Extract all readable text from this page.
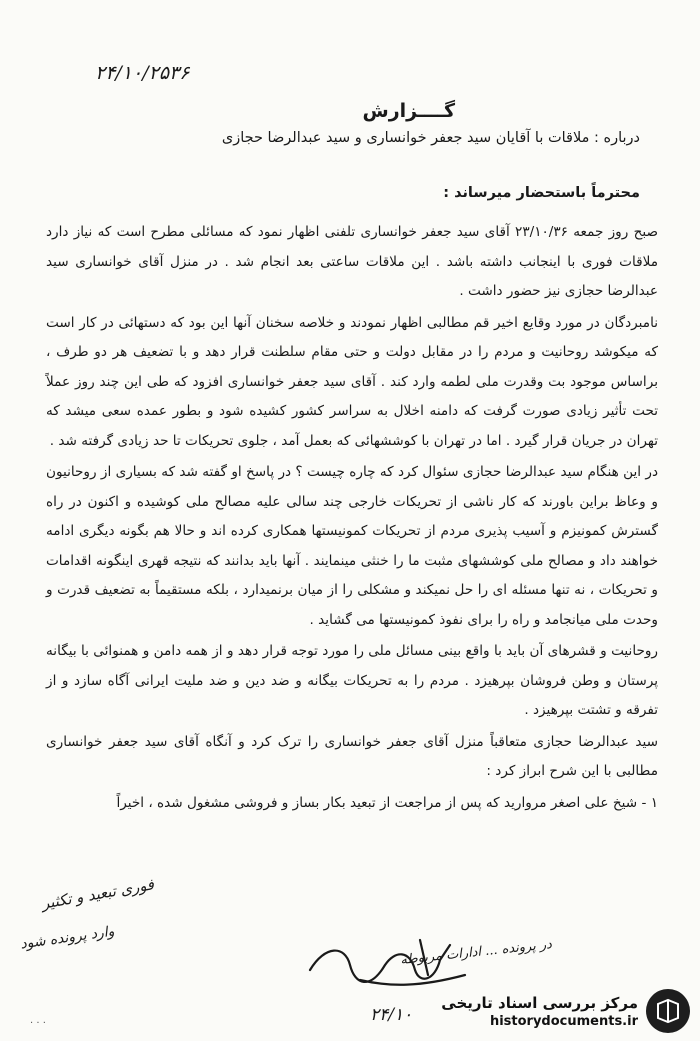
۲۴/۱۰/۲۵۳۶
گــــزارش
درباره : ملاقات با آقایان سید جعفر خوانساری و سید عبدالرضا حجازی
محترماً باستحضار میرساند :

صبح روز جمعه ۲۳/۱۰/۳۶ آقای سید جعفر خوانساری تلفنی اظهار نمود که مسائلی مطرح است که نیاز دارد ملاقات فوری با اینجانب داشته باشد . این ملاقات ساعتی بعد انجام شد . در منزل آقای خوانساری سید عبدالرضا حجازی نیز حضور داشت .

نامبردگان در مورد وقایع اخیر قم مطالبی اظهار نمودند و خلاصه سخنان آنها این بود که دستهائی در کار است که میکوشد روحانیت و مردم را در مقابل دولت و حتی مقام سلطنت قرار دهد و با تضعیف هر دو طرف ، براساس موجود بت وقدرت ملی لطمه وارد کند . آقای سید جعفر خوانساری افزود که طی این چند روز عملاً تحت تأثیر زیادی صورت گرفت که دامنه اخلال به سراسر کشور کشیده شود و بطور عمده سعی میشد که تهران در جریان قرار گیرد . اما در تهران با کوششهائی که بعمل آمد ، جلوی تحریکات تا حد زیادی گرفته شد .

در این هنگام سید عبدالرضا حجازی سئوال کرد که چاره چیست ؟ در پاسخ او گفته شد که بسیاری از روحانیون و وعاظ براین باورند که کار ناشی از تحریکات خارجی چند سالی علیه مصالح ملی کوشیده و اکنون در راه گسترش کمونیزم و آسیب پذیری مردم از تحریکات کمونیستها همکاری کرده اند و حالا هم بگونه دیگری ادامه خواهند داد و مصالح ملی کوششهای مثبت ما را خنثی مینمایند . آنها باید بدانند که نتیجه قهری اینگونه اقدامات و تحریکات ، نه تنها مسئله ای را حل نمیکند و مشکلی را از میان برنمیدارد ، بلکه مستقیماً به تضعیف قدرت و وحدت ملی میانجامد و راه را برای نفوذ کمونیستها می گشاید .

روحانیت و قشرهای آن باید با واقع بینی مسائل ملی را مورد توجه قرار دهد و از همه دامن و همنوائی با بیگانه پرستان و وطن فروشان بپرهیزد . مردم را به تحریکات بیگانه و ضد دین و ضد ملیت ایرانی آگاه سازد و از تفرقه و تشتت بپرهیزد .

سید عبدالرضا حجازی متعاقباً منزل آقای جعفر خوانساری را ترک کرد و آنگاه آقای سید جعفر خوانساری مطالبی با این شرح ابراز کرد :

۱ - شیخ علی اصغر مروارید که پس از مراجعت از تبعید بکار بساز و فروشی مشغول شده ، اخیراً

فوری تبعید و تکثیر
وارد پرونده شود	در پرونده ... ادارات مربوطه
۲۴/۱۰
· · ·
مرکز بررسی اسناد تاریخی
historydocuments.ir
